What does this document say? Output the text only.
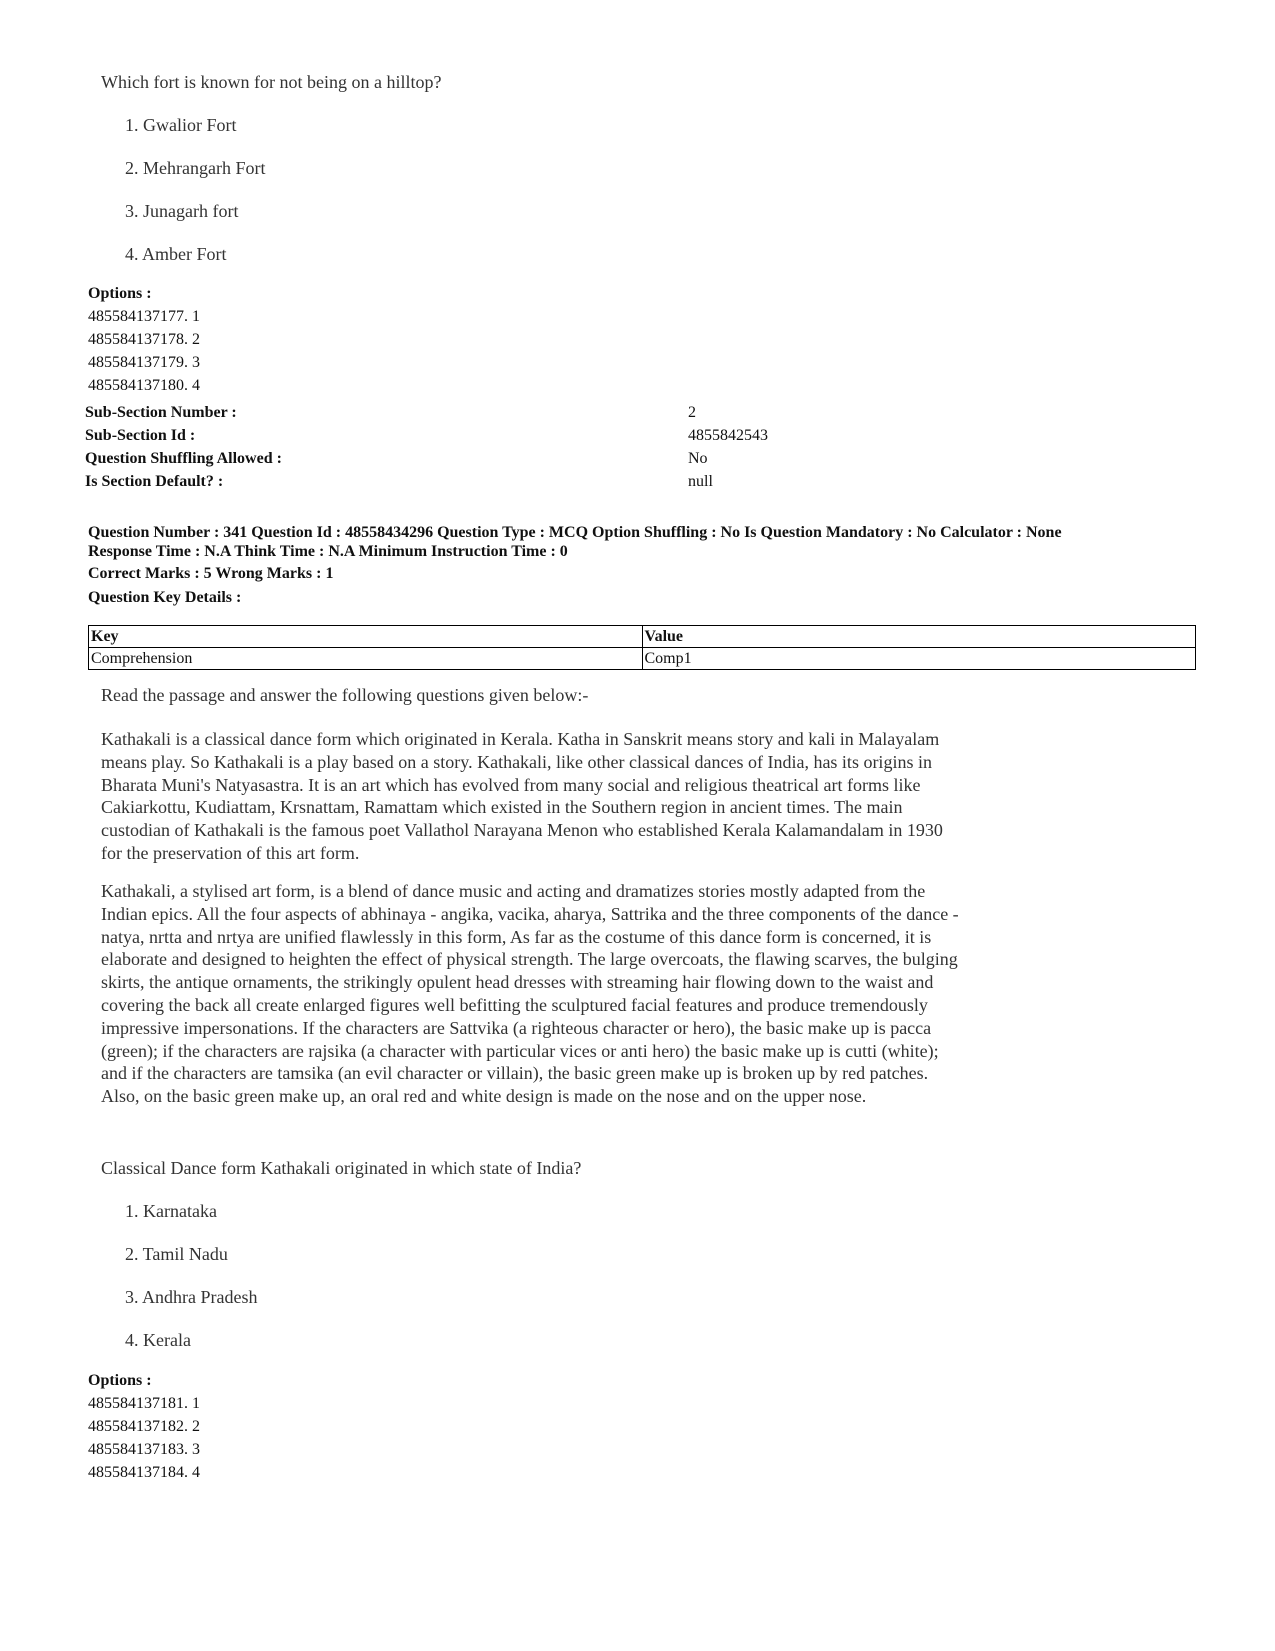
Which fort is known for not being on a hilltop?
1. Gwalior Fort
2. Mehrangarh Fort
3. Junagarh fort
4. Amber Fort
Options :
485584137177. 1
485584137178. 2
485584137179. 3
485584137180. 4
Sub-Section Number :	2
Sub-Section Id :	4855842543
Question Shuffling Allowed :	No
Is Section Default? :	null
Question Number : 341 Question Id : 48558434296 Question Type : MCQ Option Shuffling : No Is Question Mandatory : No Calculator : None
Response Time : N.A Think Time : N.A Minimum Instruction Time : 0
Correct Marks : 5 Wrong Marks : 1
Question Key Details :
Key	Value
Comprehension	Comp1
Read the passage and answer the following questions given below:-
Kathakali is a classical dance form which originated in Kerala. Katha in Sanskrit means story and kali in Malayalam means play. So Kathakali is a play based on a story. Kathakali, like other classical dances of India, has its origins in Bharata Muni's Natyasastra. It is an art which has evolved from many social and religious theatrical art forms like Cakiarkottu, Kudiattam, Krsnattam, Ramattam which existed in the Southern region in ancient times. The main custodian of Kathakali is the famous poet Vallathol Narayana Menon who established Kerala Kalamandalam in 1930 for the preservation of this art form.
Kathakali, a stylised art form, is a blend of dance music and acting and dramatizes stories mostly adapted from the Indian epics. All the four aspects of abhinaya - angika, vacika, aharya, Sattrika and the three components of the dance - natya, nrtta and nrtya are unified flawlessly in this form, As far as the costume of this dance form is concerned, it is elaborate and designed to heighten the effect of physical strength. The large overcoats, the flawing scarves, the bulging skirts, the antique ornaments, the strikingly opulent head dresses with streaming hair flowing down to the waist and covering the back all create enlarged figures well befitting the sculptured facial features and produce tremendously impressive impersonations. If the characters are Sattvika (a righteous character or hero), the basic make up is pacca (green); if the characters are rajsika (a character with particular vices or anti hero) the basic make up is cutti (white); and if the characters are tamsika (an evil character or villain), the basic green make up is broken up by red patches. Also, on the basic green make up, an oral red and white design is made on the nose and on the upper nose.
Classical Dance form Kathakali originated in which state of India?
1. Karnataka
2. Tamil Nadu
3. Andhra Pradesh
4. Kerala
Options :
485584137181. 1
485584137182. 2
485584137183. 3
485584137184. 4
